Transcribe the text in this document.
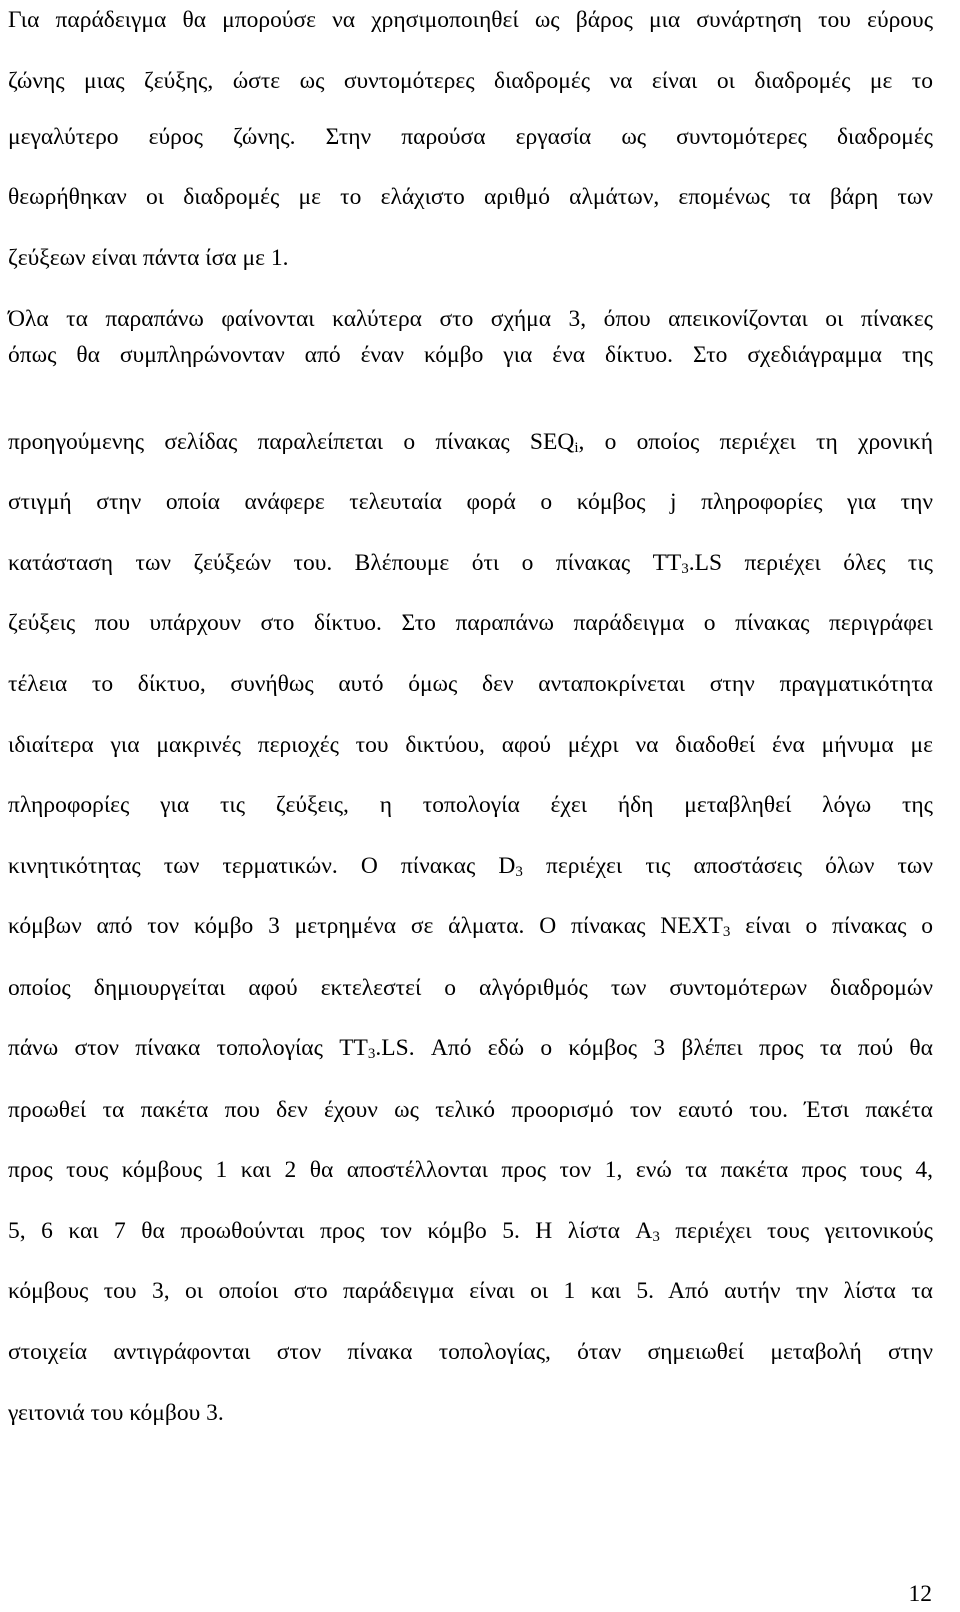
Για παράδειγμα θα μπορούσε να χρησιμοποιηθεί ως βάρος μια συνάρτηση του εύρους
ζώνης μιας ζεύξης, ώστε ως συντομότερες διαδρομές να είναι οι διαδρομές με το
μεγαλύτερο εύρος ζώνης. Στην παρούσα εργασία ως συντομότερες διαδρομές
θεωρήθηκαν οι διαδρομές με το ελάχιστο αριθμό αλμάτων, επομένως τα βάρη των
ζεύξεων είναι πάντα ίσα με 1.
Όλα τα παραπάνω φαίνονται καλύτερα στο σχήμα 3, όπου απεικονίζονται οι πίνακες
όπως θα συμπληρώνονταν από έναν κόμβο για ένα δίκτυο. Στο σχεδιάγραμμα της
προηγούμενης σελίδας παραλείπεται ο πίνακας $SEQ_i$, ο οποίος περιέχει τη χρονική
στιγμή στην οποία ανάφερε τελευταία φορά ο κόμβος j πληροφορίες για την
κατάσταση των ζεύξεών του. Βλέπουμε ότι ο πίνακας $TT_3.LS$ περιέχει όλες τις
ζεύξεις που υπάρχουν στο δίκτυο. Στο παραπάνω παράδειγμα ο πίνακας περιγράφει
τέλεια το δίκτυο, συνήθως αυτό όμως δεν ανταποκρίνεται στην πραγματικότητα
ιδιαίτερα για μακρινές περιοχές του δικτύου, αφού μέχρι να διαδοθεί ένα μήνυμα με
πληροφορίες για τις ζεύξεις, η τοπολογία έχει ήδη μεταβληθεί λόγω της
κινητικότητας των τερματικών. Ο πίνακας $D_3$ περιέχει τις αποστάσεις όλων των
κόμβων από τον κόμβο 3 μετρημένα σε άλματα. Ο πίνακας $NEXT_3$ είναι ο πίνακας ο
οποίος δημιουργείται αφού εκτελεστεί ο αλγόριθμός των συντομότερων διαδρομών
πάνω στον πίνακα τοπολογίας $TT_3.LS$. Από εδώ ο κόμβος 3 βλέπει προς τα πού θα
προωθεί τα πακέτα που δεν έχουν ως τελικό προορισμό τον εαυτό του. Έτσι πακέτα
προς τους κόμβους 1 και 2 θα αποστέλλονται προς τον 1, ενώ τα πακέτα προς τους 4,
5, 6 και 7 θα προωθούνται προς τον κόμβο 5. Η λίστα $A_3$ περιέχει τους γειτονικούς
κόμβους του 3, οι οποίοι στο παράδειγμα είναι οι 1 και 5. Από αυτήν την λίστα τα
στοιχεία αντιγράφονται στον πίνακα τοπολογίας, όταν σημειωθεί μεταβολή στην
γειτονιά του κόμβου 3.
12
